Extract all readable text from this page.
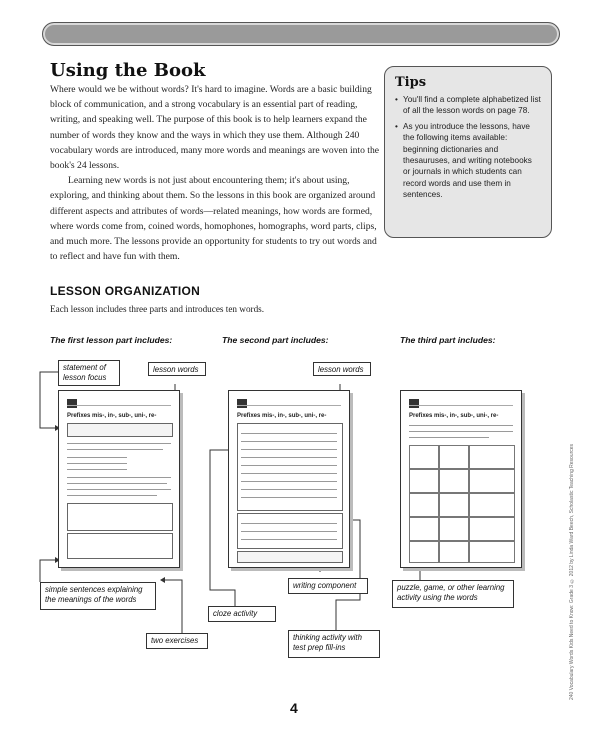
Using the Book

Where would we be without words? It's hard to imagine. Words are a basic building block of communication, and a strong vocabulary is an essential part of reading, writing, and speaking well. The purpose of this book is to help learners expand the number of words they know and the ways in which they use them. Although 240 vocabulary words are introduced, many more words and meanings are woven into the book's 24 lessons.

Learning new words is not just about encountering them; it's about using, exploring, and thinking about them. So the lessons in this book are organized around different aspects and attributes of words—related meanings, how words are formed, where words come from, coined words, homophones, homographs, word parts, clips, and much more. The lessons provide an opportunity for students to try out words and to reflect and have fun with them.

Tips
• You'll find a complete alphabetized list of all the lesson words on page 78.
• As you introduce the lessons, have the following items available: beginning dictionaries and thesauruses, and writing notebooks or journals in which students can record words and use them in sentences.
LESSON ORGANIZATION

Each lesson includes three parts and introduces ten words.

The first lesson part includes:	The second part includes:	The third part includes:

Prefixes mis-, in-, sub-, uni-, re-	Prefixes mis-, in-, sub-, uni-, re-	Prefixes mis-, in-, sub-, uni-, re-
statement of lesson focus
lesson words	lesson words
simple sentences explaining the meanings of the words
cloze activity
two exercises
writing component
thinking activity with test prep fill-ins
puzzle, game, or other learning activity using the words	240 Vocabulary Words Kids Need to Know: Grade 3 © 2012 by Linda Ward Beech, Scholastic Teaching Resources

4
